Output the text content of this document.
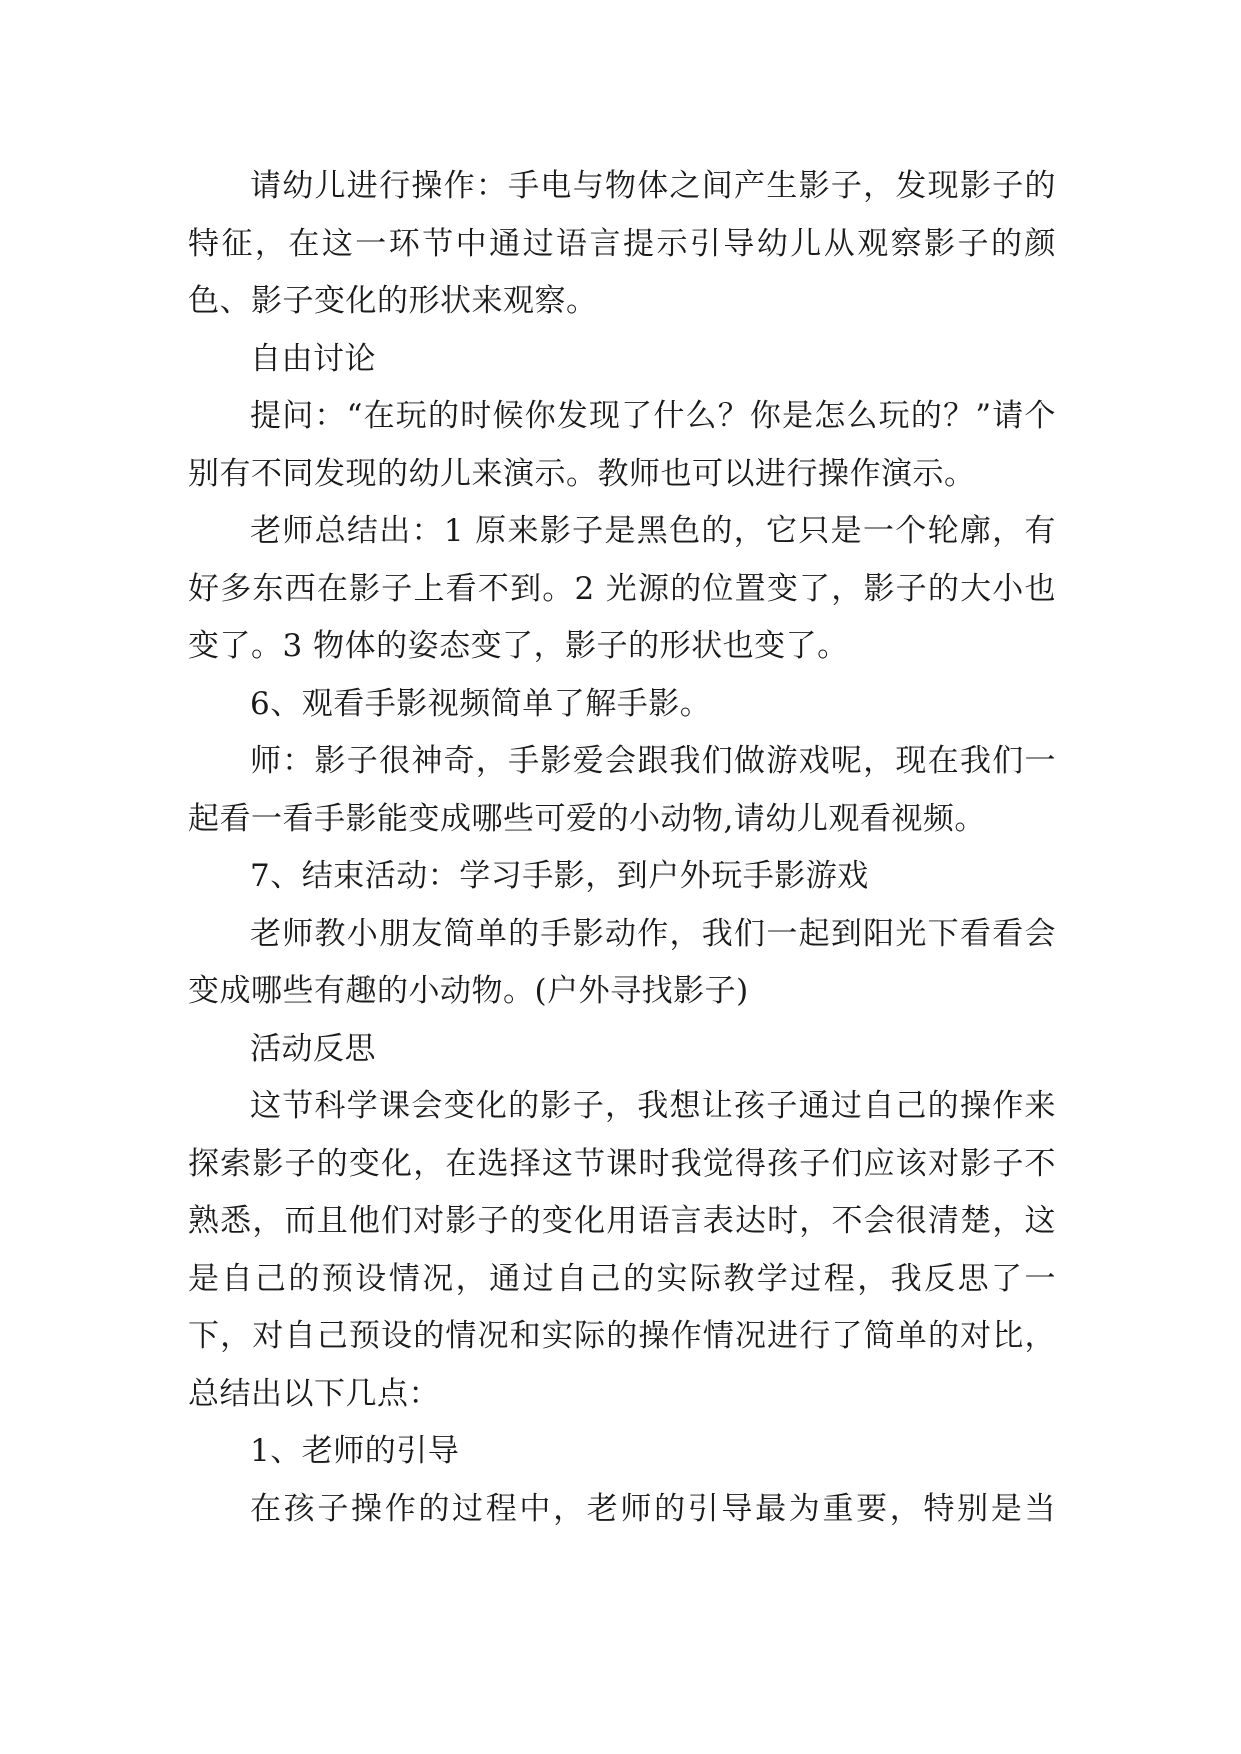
请幼儿进行操作：手电与物体之间产生影子，发现影子的特征，在这一环节中通过语言提示引导幼儿从观察影子的颜色、影子变化的形状来观察。

自由讨论

提问：“在玩的时候你发现了什么？你是怎么玩的？”请个别有不同发现的幼儿来演示。教师也可以进行操作演示。

老师总结出：1 原来影子是黑色的，它只是一个轮廓，有好多东西在影子上看不到。2 光源的位置变了，影子的大小也变了。3 物体的姿态变了，影子的形状也变了。

6、观看手影视频简单了解手影。

师：影子很神奇，手影爱会跟我们做游戏呢，现在我们一起看一看手影能变成哪些可爱的小动物,请幼儿观看视频。

7、结束活动：学习手影，到户外玩手影游戏

老师教小朋友简单的手影动作，我们一起到阳光下看看会变成哪些有趣的小动物。(户外寻找影子)

活动反思

这节科学课会变化的影子，我想让孩子通过自己的操作来探索影子的变化，在选择这节课时我觉得孩子们应该对影子不熟悉，而且他们对影子的变化用语言表达时，不会很清楚，这是自己的预设情况，通过自己的实际教学过程，我反思了一下，对自己预设的情况和实际的操作情况进行了简单的对比，总结出以下几点：

1、老师的引导

在孩子操作的过程中，老师的引导最为重要，特别是当
